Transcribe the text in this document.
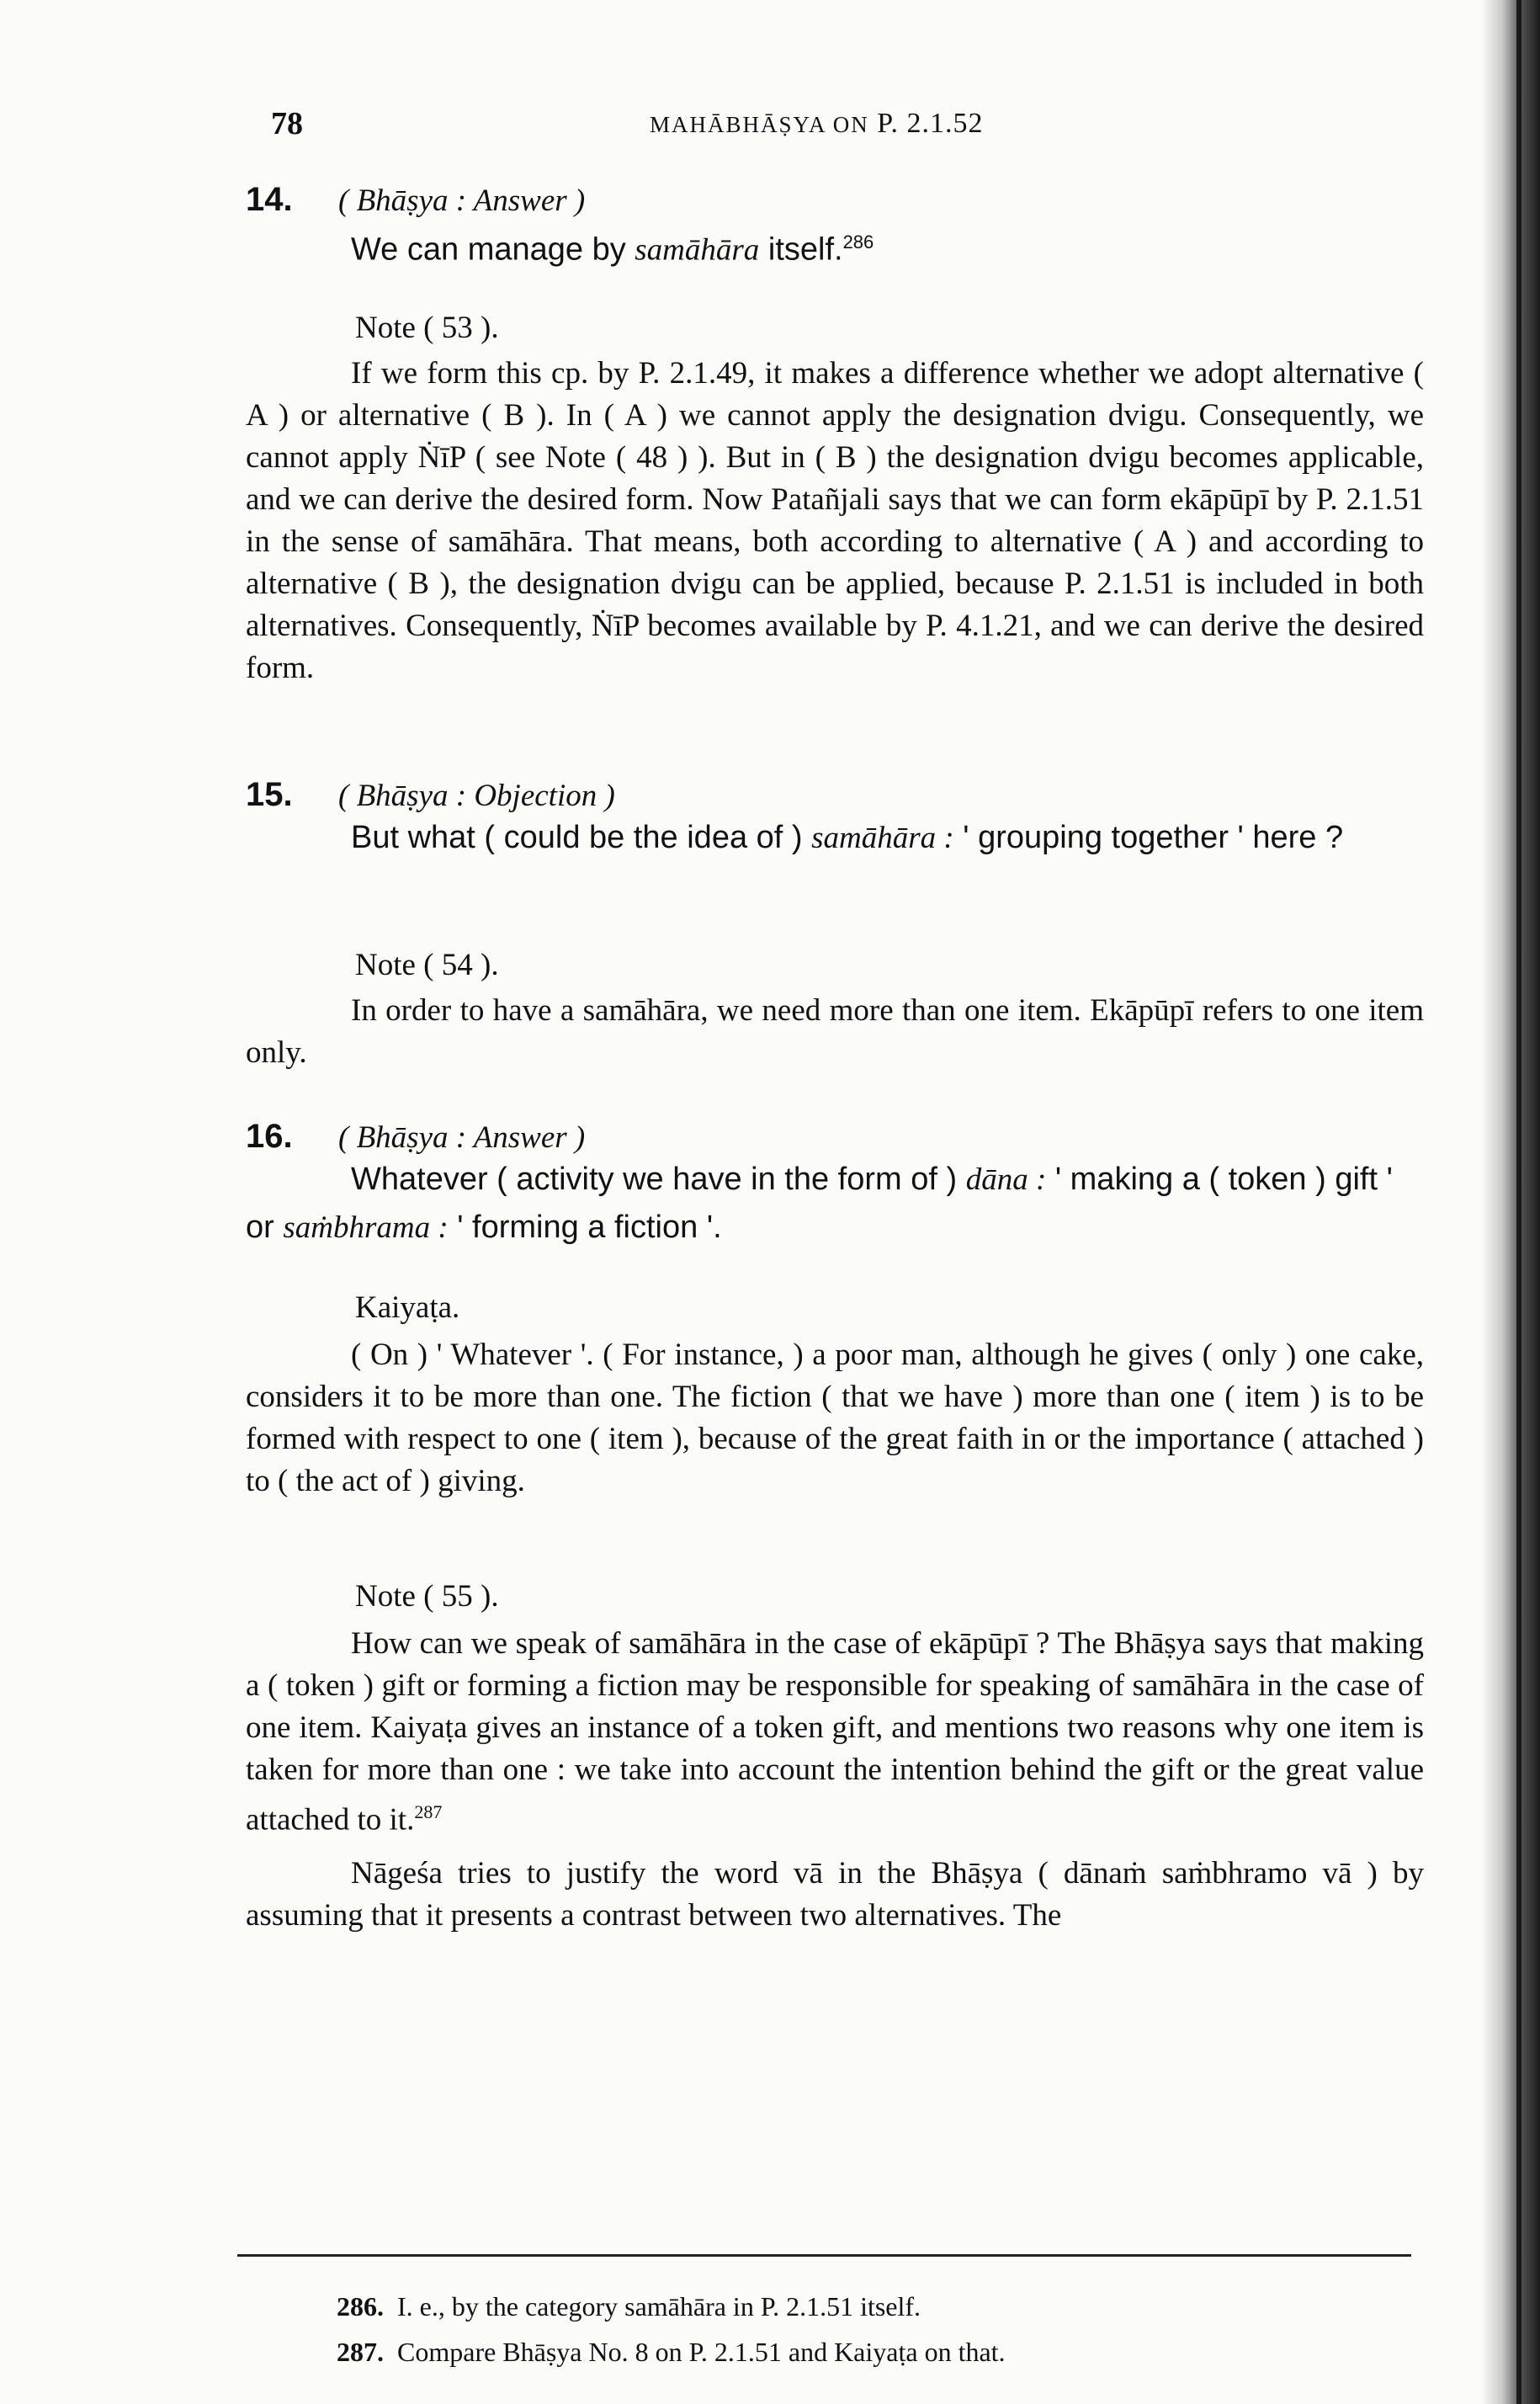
78	MAHĀBHĀṢYA ON P. 2.1.52

14. ( Bhāṣya : Answer )

We can manage by samāhāra itself.$^{286}$

Note ( 53 ).

If we form this cp. by P. 2.1.49, it makes a difference whether we adopt alternative ( A ) or alternative ( B ). In ( A ) we cannot apply the designation dvigu. Consequently, we cannot apply ṄīP ( see Note ( 48 ) ). But in ( B ) the designation dvigu becomes applicable, and we can derive the desired form. Now Patañjali says that we can form ekāpūpī by P. 2.1.51 in the sense of samāhāra. That means, both according to alternative ( A ) and according to alternative ( B ), the designation dvigu can be applied, because P. 2.1.51 is included in both alternatives. Consequently, ṄīP becomes available by P. 4.1.21, and we can derive the desired form.

15. ( Bhāṣya : Objection )

But what ( could be the idea of ) samāhāra : ' grouping together ' here ?

Note ( 54 ).

In order to have a samāhāra, we need more than one item. Ekāpūpī refers to one item only.

16. ( Bhāṣya : Answer )

Whatever ( activity we have in the form of ) dāna : ' making a ( token ) gift ' or saṁbhrama : ' forming a fiction '.

Kaiyaṭa.

( On ) ' Whatever '. ( For instance, ) a poor man, although he gives ( only ) one cake, considers it to be more than one. The fiction ( that we have ) more than one ( item ) is to be formed with respect to one ( item ), because of the great faith in or the importance ( attached ) to ( the act of ) giving.

Note ( 55 ).

How can we speak of samāhāra in the case of ekāpūpī ? The Bhāṣya says that making a ( token ) gift or forming a fiction may be responsible for speaking of samāhāra in the case of one item. Kaiyaṭa gives an instance of a token gift, and mentions two reasons why one item is taken for more than one : we take into account the intention behind the gift or the great value attached to it.$^{287}$

Nāgeśa tries to justify the word vā in the Bhāṣya ( dānaṁ saṁbhramo vā ) by assuming that it presents a contrast between two alternatives. The

286. I. e., by the category samāhāra in P. 2.1.51 itself.
287. Compare Bhāṣya No. 8 on P. 2.1.51 and Kaiyaṭa on that.
